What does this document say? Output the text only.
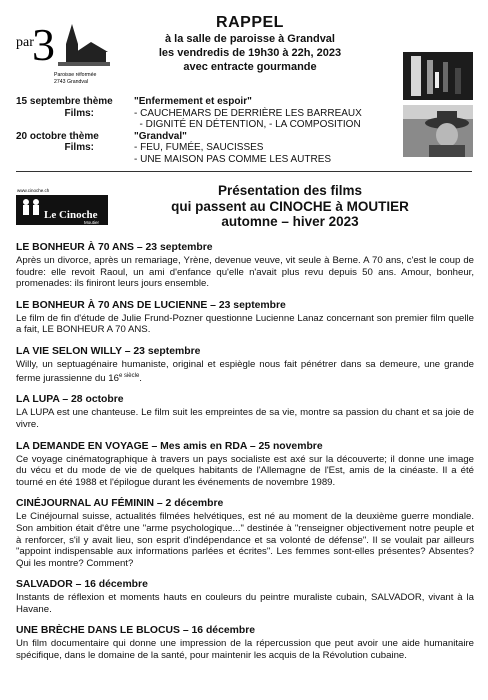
par
3
Paroisse réformée
2743 Grandval
RAPPEL
à la salle de paroisse à Grandval
les vendredis de 19h30 à 22h, 2023
avec entracte gourmande
15 septembre thème	"Enfermement et espoir"
Films:	- CAUCHEMARS DE DERRIÈRE LES BARREAUX
- DIGNITÉ EN DÉTENTION, - LA COMPOSITION
20 octobre thème	"Grandval"
Films:	- FEU, FUMÉE, SAUCISSES
- UNE MAISON PAS COMME LES AUTRES
www.cinoche.ch
Le Cinoche
Moutier
Présentation des films
qui passent au CINOCHE à MOUTIER
automne – hiver 2023
LE BONHEUR À 70 ANS – 23 septembre

Après un divorce, après un remariage, Yrène, devenue veuve, vit seule à Berne. A 70 ans, c'est le coup de foudre: elle revoit Raoul, un ami d'enfance qu'elle n'avait plus revu depuis 50 ans. Amour, bonheur, promenades: ils finiront leurs jours ensemble.

LE BONHEUR À 70 ANS DE LUCIENNE – 23 septembre

Le film de fin d'étude de Julie Frund-Pozner questionne Lucienne Lanaz concernant son premier film quelle a fait, LE BONHEUR A 70 ANS.

LA VIE SELON WILLY – 23 septembre

Willy, un septuagénaire humaniste, original et espiègle nous fait pénétrer dans sa demeure, une grande ferme jurassienne du $16^{e siècle}$.

LA LUPA – 28 octobre

LA LUPA est une chanteuse. Le film suit les empreintes de sa vie, montre sa passion du chant et sa joie de vivre.

LA DEMANDE EN VOYAGE – Mes amis en RDA – 25 novembre

Ce voyage cinématographique à travers un pays socialiste est axé sur la découverte; il donne une image du vécu et du mode de vie de quelques habitants de l'Allemagne de l'Est, amis de la cinéaste. Il a été tourné en été 1988 et l'épilogue durant les événements de novembre 1989.

CINÉJOURNAL AU FÉMININ – 2 décembre

Le Cinéjournal suisse, actualités filmées helvétiques, est né au moment de la deuxième guerre mondiale. Son ambition était d'être une "arme psychologique..." destinée à "renseigner objectivement notre peuple et à renforcer, s'il y avait lieu, son esprit d'indépendance et sa volonté de défense". Il se voulait par ailleurs "appoint indispensable aux informations parlées et écrites". Les femmes sont-elles présentes? Absentes? Qui les montre? Comment?

SALVADOR – 16 décembre

Instants de réflexion et moments hauts en couleurs du peintre muraliste cubain, SALVADOR, vivant à la Havane.

UNE BRÈCHE DANS LE BLOCUS – 16 décembre

Un film documentaire qui donne une impression de la répercussion que peut avoir une aide humanitaire spécifique, dans le domaine de la santé, pour maintenir les acquis de la Révolution cubaine.
